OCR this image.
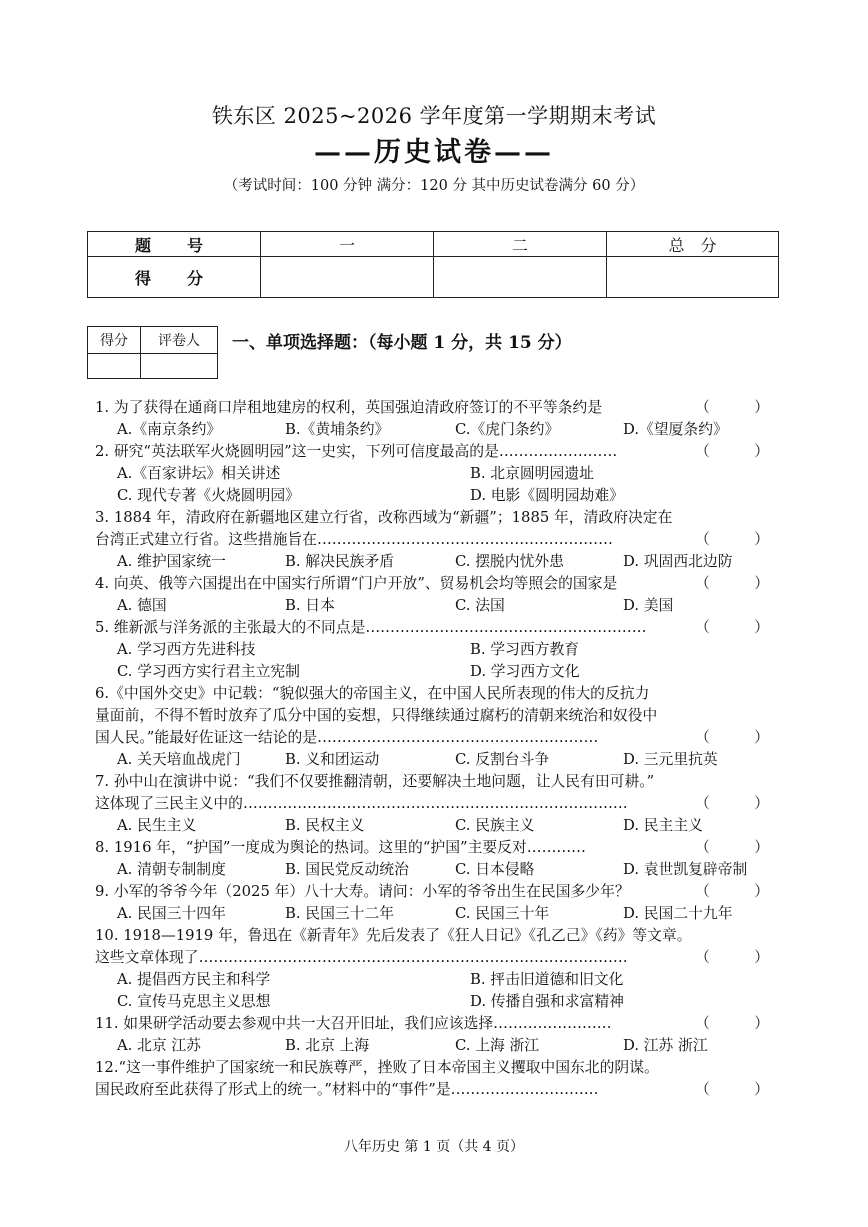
铁东区 2025~2026 学年度第一学期期末考试
——历史试卷——
（考试时间：100 分钟 满分：120 分 其中历史试卷满分 60 分）
题　号	一	二	总　分
得　分			
得分	评卷人
	一、单项选择题：（每小题 1 分，共 15 分）
1. 为了获得在通商口岸租地建房的权利，英国强迫清政府签订的不平等条约是	（　　　）
A.《南京条约》	B.《黄埔条约》	C.《虎门条约》	D.《望厦条约》
2. 研究“英法联军火烧圆明园”这一史实，下列可信度最高的是……………………	（　　　）
A.《百家讲坛》相关讲述	B. 北京圆明园遗址
C. 现代专著《火烧圆明园》	D. 电影《圆明园劫难》
3. 1884 年，清政府在新疆地区建立行省，改称西域为“新疆”；1885 年，清政府决定在
台湾正式建立行省。这些措施旨在……………………………………………………	（　　　）
A. 维护国家统一	B. 解决民族矛盾	C. 摆脱内忧外患	D. 巩固西北边防
4. 向英、俄等六国提出在中国实行所谓“门户开放”、贸易机会均等照会的国家是	（　　　）
A. 德国	B. 日本	C. 法国	D. 美国
5. 维新派与洋务派的主张最大的不同点是…………………………………………………	（　　　）
A. 学习西方先进科技	B. 学习西方教育
C. 学习西方实行君主立宪制	D. 学习西方文化
6.《中国外交史》中记载：“貌似强大的帝国主义，在中国人民所表现的伟大的反抗力
量面前，不得不暂时放弃了瓜分中国的妄想，只得继续通过腐朽的清朝来统治和奴役中
国人民。”能最好佐证这一结论的是…………………………………………………	（　　　）
A. 关天培血战虎门	B. 义和团运动	C. 反割台斗争	D. 三元里抗英
7. 孙中山在演讲中说：“我们不仅要推翻清朝，还要解决土地问题，让人民有田可耕。”
这体现了三民主义中的……………………………………………………………………	（　　　）
A. 民生主义	B. 民权主义	C. 民族主义	D. 民主主义
8. 1916 年，“护国”一度成为舆论的热词。这里的“护国”主要反对…………	（　　　）
A. 清朝专制制度	B. 国民党反动统治	C. 日本侵略	D. 袁世凯复辟帝制
9. 小军的爷爷今年（2025 年）八十大寿。请问：小军的爷爷出生在民国多少年？	（　　　）
A. 民国三十四年	B. 民国三十二年	C. 民国三十年	D. 民国二十九年
10. 1918—1919 年，鲁迅在《新青年》先后发表了《狂人日记》《孔乙己》《药》等文章。
这些文章体现了……………………………………………………………………………	（　　　）
A. 提倡西方民主和科学	B. 抨击旧道德和旧文化
C. 宣传马克思主义思想	D. 传播自强和求富精神
11. 如果研学活动要去参观中共一大召开旧址，我们应该选择……………………	（　　　）
A. 北京 江苏	B. 北京 上海	C. 上海 浙江	D. 江苏 浙江
12.“这一事件维护了国家统一和民族尊严，挫败了日本帝国主义攫取中国东北的阴谋。
国民政府至此获得了形式上的统一。”材料中的“事件”是…………………………	（　　　）
八年历史 第 1 页（共 4 页）
